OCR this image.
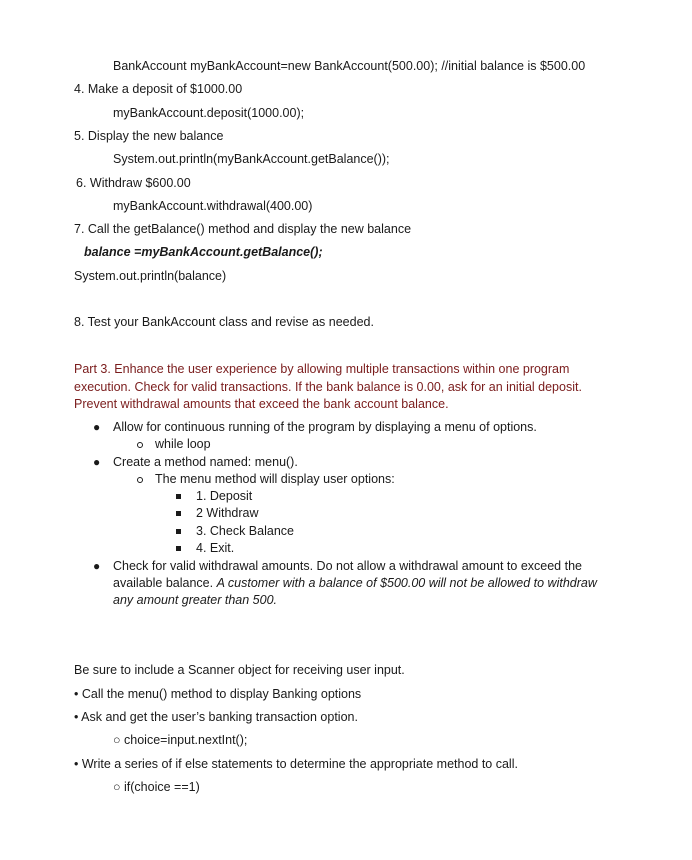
BankAccount myBankAccount=new BankAccount(500.00); //initial balance is $500.00
4. Make a deposit of $1000.00
myBankAccount.deposit(1000.00);
5. Display the new balance
System.out.println(myBankAccount.getBalance());
6. Withdraw $600.00
myBankAccount.withdrawal(400.00)
7. Call the getBalance() method and display the new balance
balance =myBankAccount.getBalance();
System.out.println(balance)
8. Test your BankAccount class and revise as needed.
Part 3. Enhance the user experience by allowing multiple transactions within one program
execution. Check for valid transactions. If the bank balance is 0.00, ask for an initial deposit.
Prevent withdrawal amounts that exceed the bank account balance.
● Allow for continuous running of the program by displaying a menu of options.
while loop
● Create a method named: menu().
The menu method will display user options:
1. Deposit
2 Withdraw
3. Check Balance
4. Exit.
● Check for valid withdrawal amounts. Do not allow a withdrawal amount to exceed the
available balance. A customer with a balance of $500.00 will not be allowed to withdraw
any amount greater than 500.
Be sure to include a Scanner object for receiving user input.
• Call the menu() method to display Banking options
• Ask and get the user’s banking transaction option.
○ choice=input.nextInt();
• Write a series of if else statements to determine the appropriate method to call.
○ if(choice ==1)
